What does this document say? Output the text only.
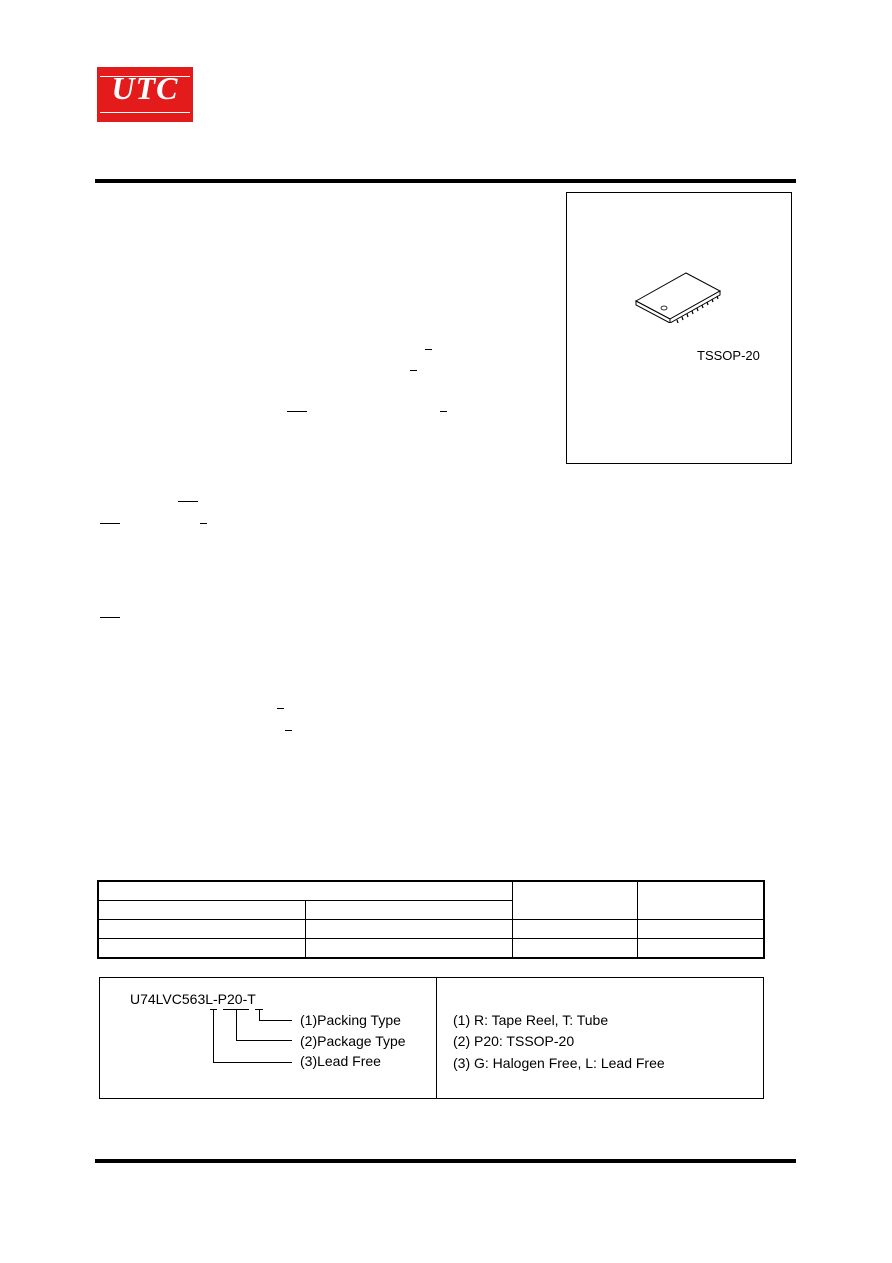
UTC
TSSOP-20

U74LVC563L-P20-T
(1)Packing Type
(2)Package Type
(3)Lead Free
(1) R: Tape Reel, T: Tube
(2) P20: TSSOP-20
(3) G: Halogen Free, L: Lead Free
